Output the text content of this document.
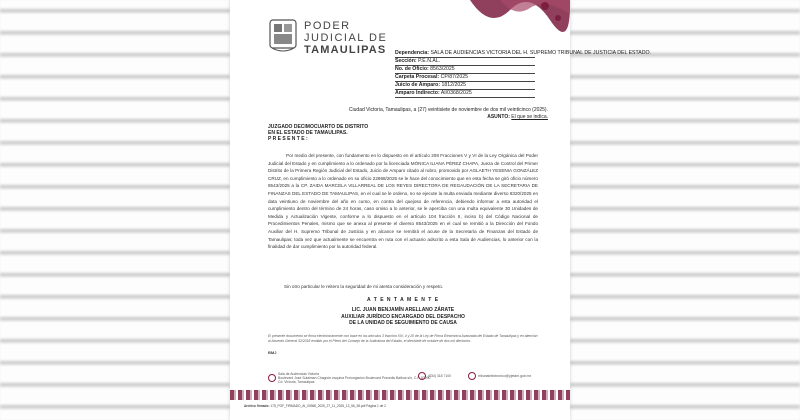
PODER
JUDICIAL DE
TAMAULIPAS Dependencia: SALA DE AUDIENCIAS VICTORIA DEL H. SUPREMO TRIBUNAL DE JUSTICIA DEL ESTADO.
Sección: P.E.N.AL.
No. de Oficio: 8563/2025
Carpeta Procesal: CP/87/2025
Juicio de Amparo: 1812/2025
Amparo Indirecto: AI/0368/2025
Ciudad Victoria, Tamaulipas, a (27) veintisiete de noviembre de dos mil veinticinco (2025).
ASUNTO: El que se indica.
JUZGADO DECIMOCUARTO DE DISTRITO
EN EL ESTADO DE TAMAULIPAS.
P R E S E N T E :

Por medio del presente, con fundamento en lo dispuesto en el artículo 208 Fracciones V y VI de la Ley Orgánica del Poder Judicial del Estado y en cumplimiento a lo ordenado por la licenciada MÓNICA ILIANA PÉREZ CHAPA, Jueza de Control del Primer Distrito de la Primera Región Judicial del Estado, Juicio de Amparo citado al rubro, promovido por AGLAETH YESENIA GONZÁLEZ CRUZ, en cumplimiento a lo ordenado en su oficio 22868/2025 se le hace del conocimiento que en esta fecha se giró oficio número 8543/2025 a la CP. ZAIDA MARCELA VILLARREAL DE LOS REYES DIRECTORA DE REGAUDACIÓN DE LA SECRETARIA DE FINANZAS DEL ESTADO DE TAMAULIPAS, en el cual se le ordeno, no se ejecute la multa enviada mediante diverso 8320/2025 en data veintiuno de noviembre del año en curso, en contra del quejoso de referencia, debiendo informar a esta autoridad el cumplimiento dentro del término de 24 horas, caso omiso a lo anterior, se le aperciba con una multa equivalente 30 Unidades de Medida y Actualización Vigente, conforme a lo dispuesto en el artículo 104 fracción II, inciso b) del Código Nacional de Procedimientos Penales, mismo que se anexa al presente el diverso 8543/2025 en el cual se remitió a la Dirección del Fondo Auxiliar del H. Supremo Tribunal de Justicia y en alcance se remitirá el acuse de la Secretaría de Finanzas del Estado de Tamaulipas; toda vez que actualmente se encuentra en ruta con el actuario adscrito a esta Sala de Audiencias, lo anterior con la finalidad de dar cumplimiento por la autoridad federal.

Sin otro particular le reitero la seguridad de mi atenta consideración y respeto.
A T E N T A M E N T E
LIC. JUAN BENJAMÍN ARELLANO ZÁRATE
AUXILIAR JURÍDICO ENCARGADO DEL DESPACHO
DE LA UNIDAD DE SEGUIMIENTO DE CAUSA
El presente documento se firma electrónicamente con base en los artículos 3 fracción XIV, 4 y 20 de la Ley de Firma Electrónica Avanzada del Estado de Tamaulipas y en atención al Acuerdo General 32/2018 emitido por el Pleno del Consejo de la Judicatura del Estado, el diecisiete de octubre de dos mil dieciocho.
BMJ
Sala de Audiencias Victoria
Boulevard José Sulaiman Chagnón esquina Prolongación Boulevard Praxedis Balboa s/n, C.P. 87090
Cd. Victoria, Tamaulipas
(834) 318 7100	tribunalelectronico@pjetam.gob.mx
Archivo firmado: 175_POF_FIRMADO_AI_00368_2025_27_11_2025_13_56_38.pdf Página 1 de 2
